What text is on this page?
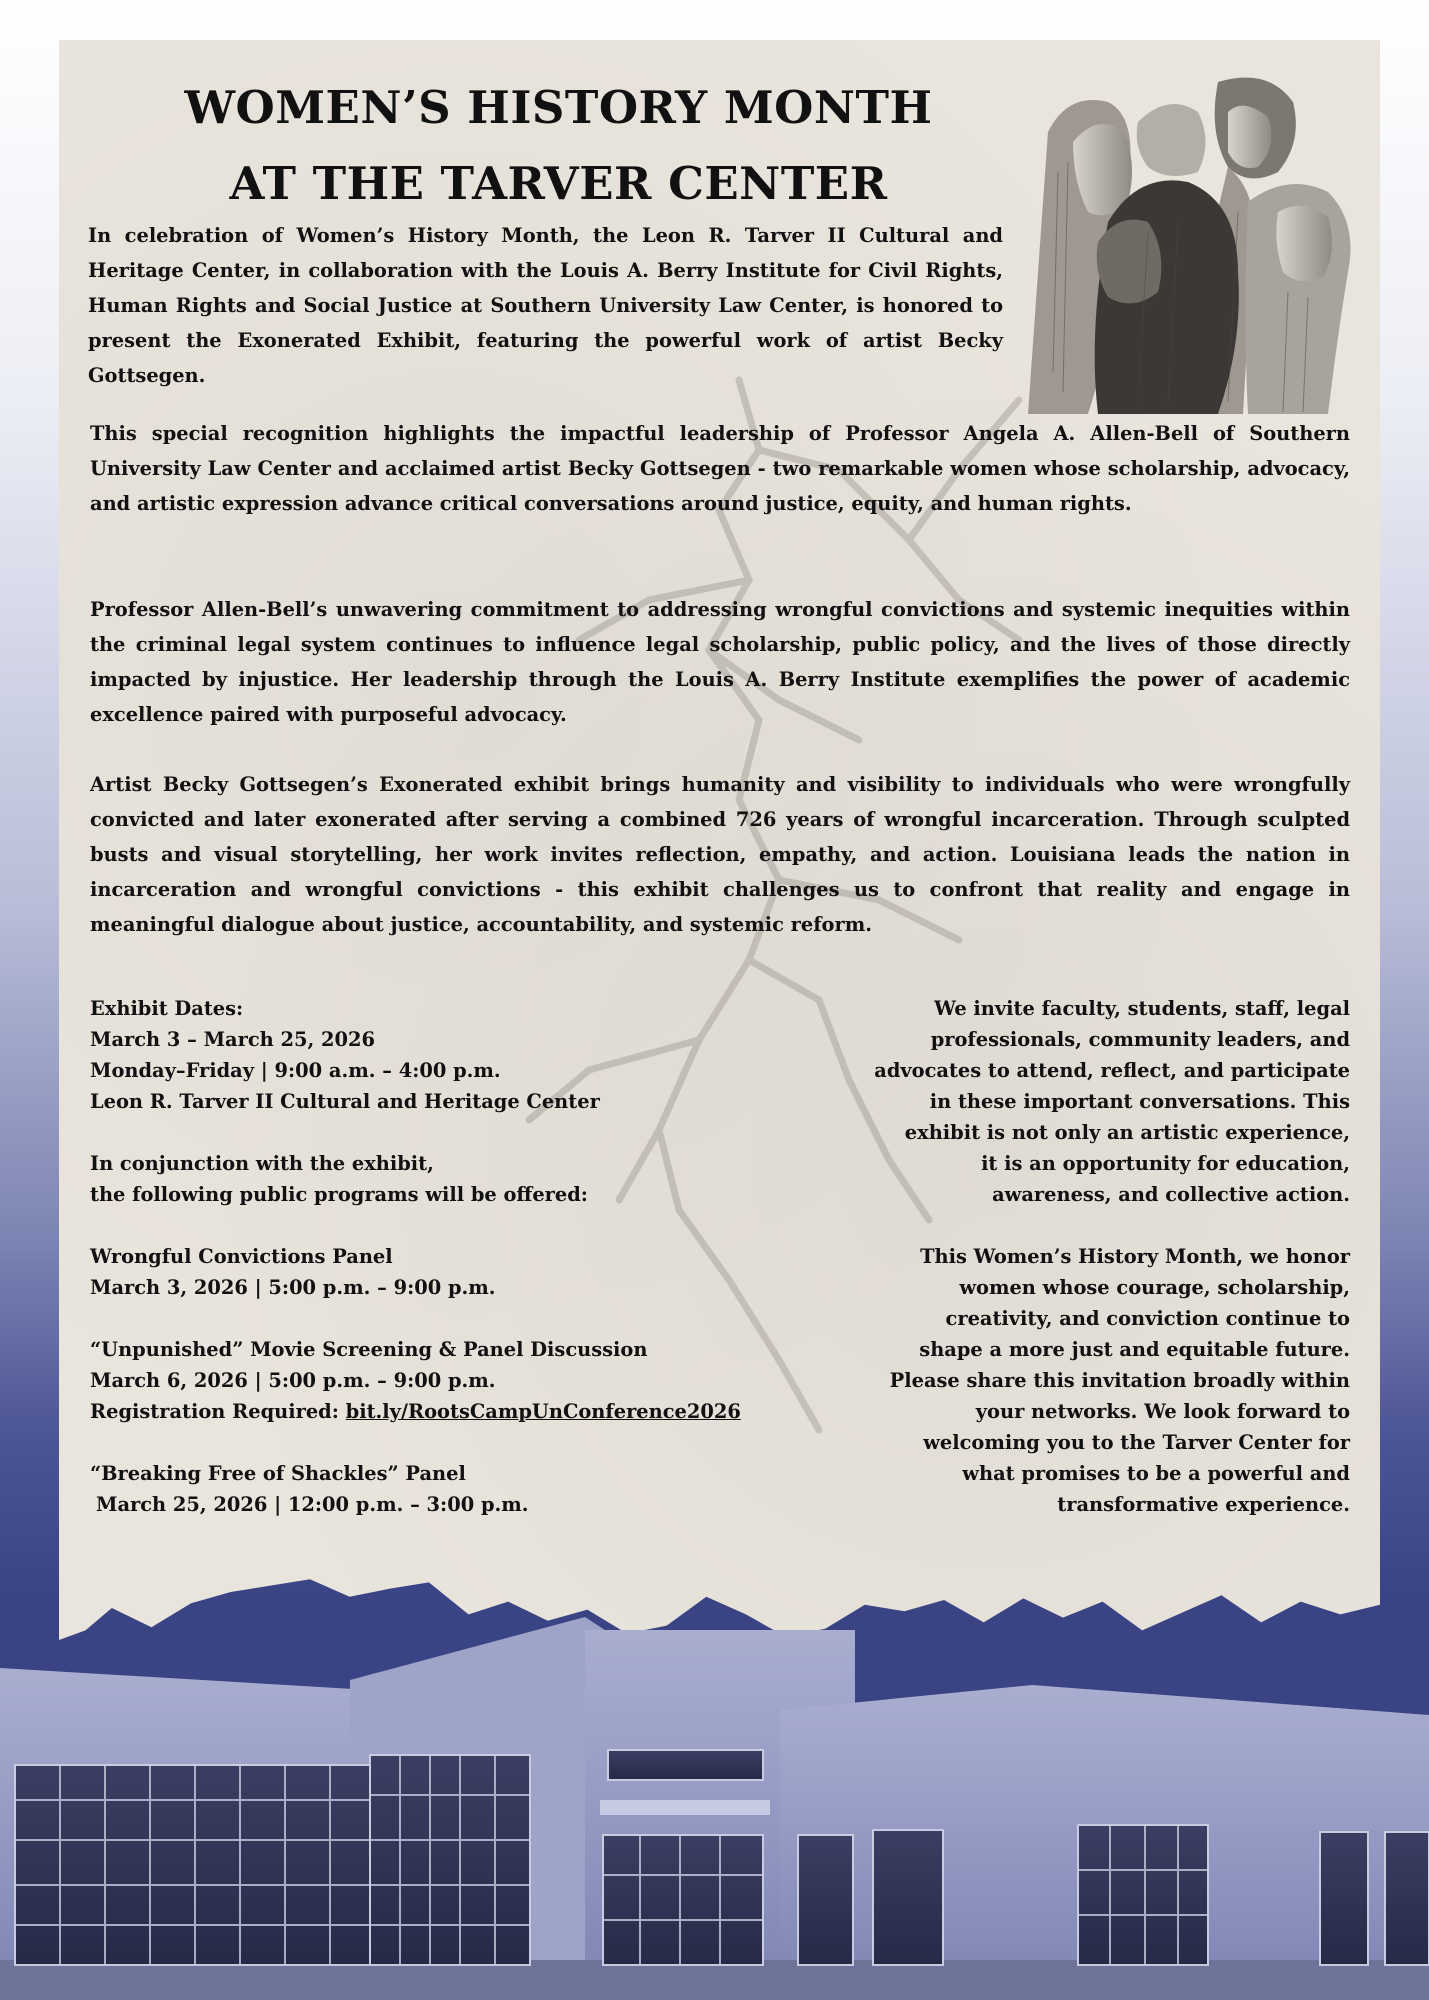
WOMEN’S HISTORY MONTH
AT THE TARVER CENTER

In celebration of Women’s History Month, the Leon R. Tarver II Cultural and Heritage Center, in collaboration with the Louis A. Berry Institute for Civil Rights, Human Rights and Social Justice at Southern University Law Center, is honored to present the Exonerated Exhibit, featuring the powerful work of artist Becky Gottsegen.

This special recognition highlights the impactful leadership of Professor Angela A. Allen-Bell of Southern University Law Center and acclaimed artist Becky Gottsegen - two remarkable women whose scholarship, advocacy, and artistic expression advance critical conversations around justice, equity, and human rights.

Professor Allen-Bell’s unwavering commitment to addressing wrongful convictions and systemic inequities within the criminal legal system continues to influence legal scholarship, public policy, and the lives of those directly impacted by injustice. Her leadership through the Louis A. Berry Institute exemplifies the power of academic excellence paired with purposeful advocacy.

Artist Becky Gottsegen’s Exonerated exhibit brings humanity and visibility to individuals who were wrongfully convicted and later exonerated after serving a combined 726 years of wrongful incarceration. Through sculpted busts and visual storytelling, her work invites reflection, empathy, and action. Louisiana leads the nation in incarceration and wrongful convictions - this exhibit challenges us to confront that reality and engage in meaningful dialogue about justice, accountability, and systemic reform.

Exhibit Dates:
March 3 – March 25, 2026
Monday–Friday | 9:00 a.m. – 4:00 p.m.
Leon R. Tarver II Cultural and Heritage Center
In conjunction with the exhibit,
the following public programs will be offered:
Wrongful Convictions Panel
March 3, 2026 | 5:00 p.m. – 9:00 p.m.
“Unpunished” Movie Screening & Panel Discussion
March 6, 2026 | 5:00 p.m. – 9:00 p.m.
Registration Required: bit.ly/RootsCampUnConference2026
“Breaking Free of Shackles” Panel
March 25, 2026 | 12:00 p.m. – 3:00 p.m.
We invite faculty, students, staff, legal
professionals, community leaders, and
advocates to attend, reflect, and participate
in these important conversations. This
exhibit is not only an artistic experience,
it is an opportunity for education,
awareness, and collective action.
This Women’s History Month, we honor
women whose courage, scholarship,
creativity, and conviction continue to
shape a more just and equitable future.
Please share this invitation broadly within
your networks. We look forward to
welcoming you to the Tarver Center for
what promises to be a powerful and
transformative experience.
